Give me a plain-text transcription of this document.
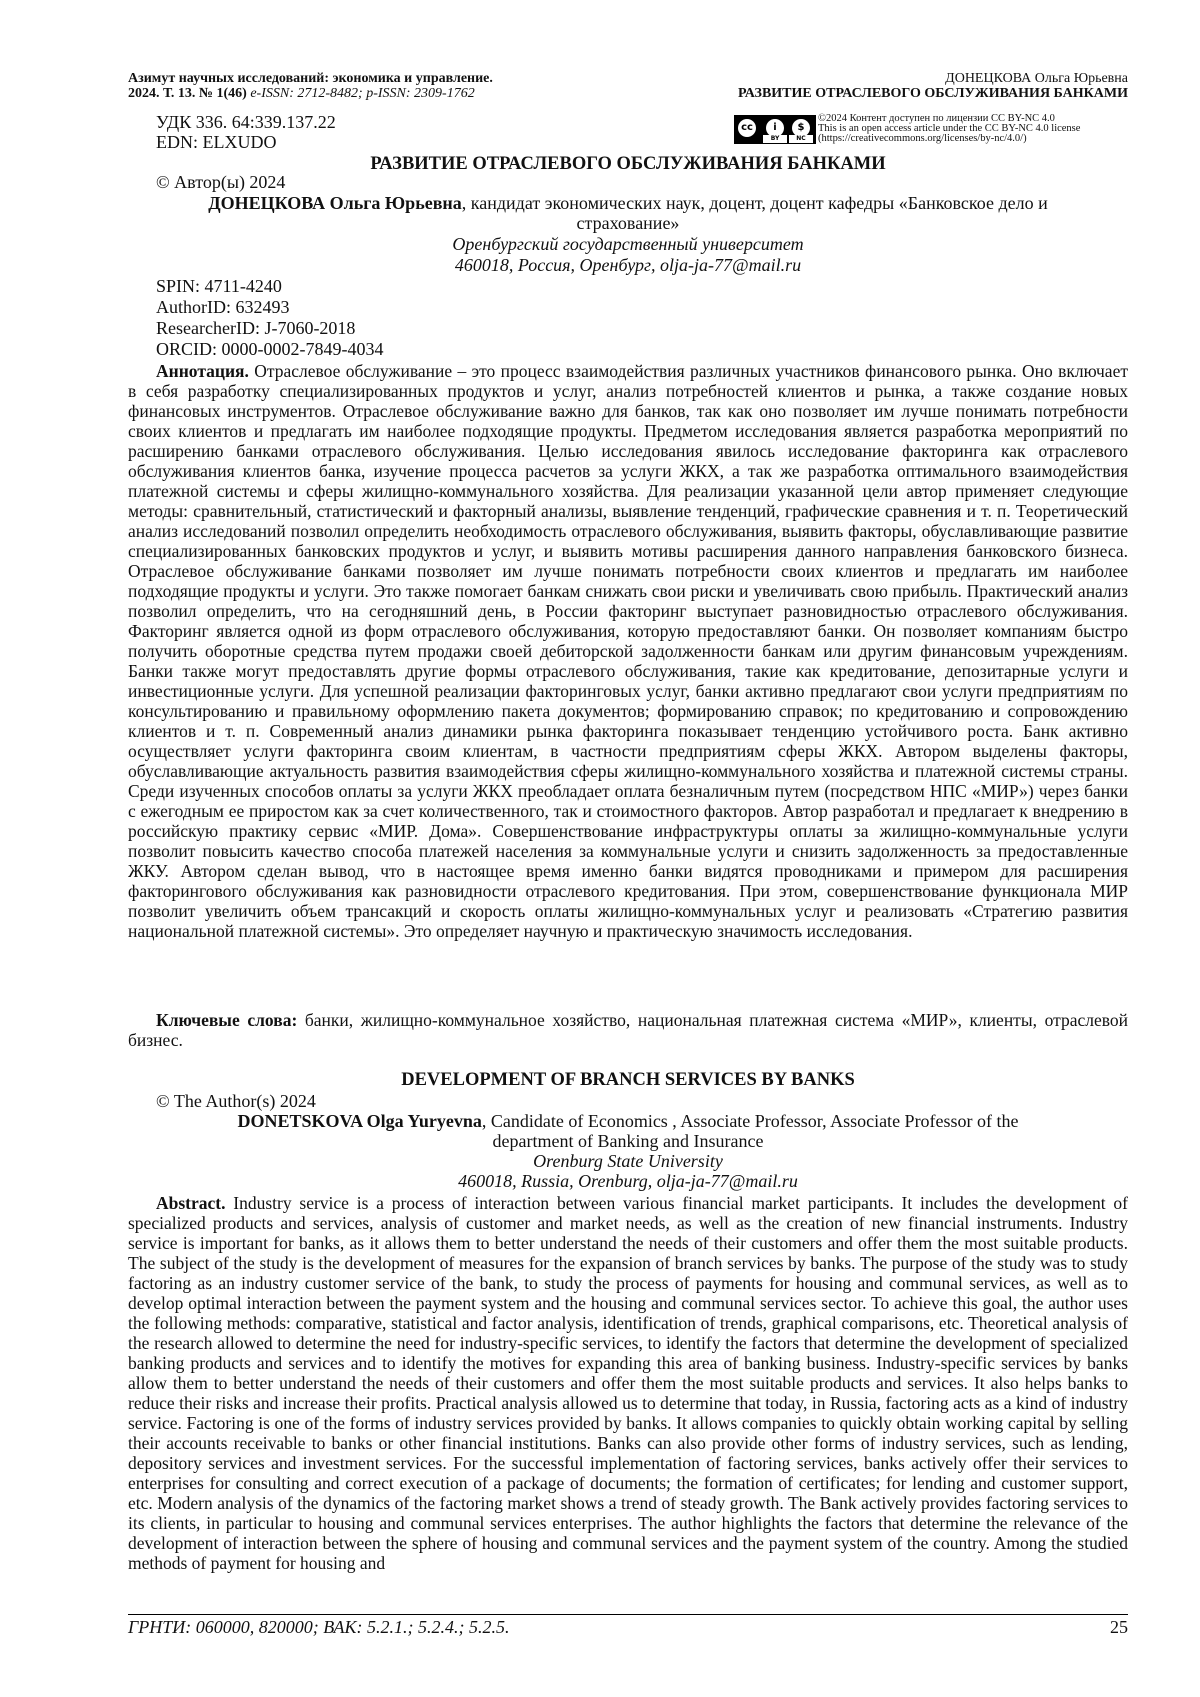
Азимут научных исследований: экономика и управление.
2024. Т. 13. № 1(46) e-ISSN: 2712-8482; p-ISSN: 2309-1762
ДОНЕЦКОВА Ольга Юрьевна
РАЗВИТИЕ ОТРАСЛЕВОГО ОБСЛУЖИВАНИЯ БАНКАМИ
УДК 336. 64:339.137.22
EDN: ELXUDO
cc	i	$
BY	NC
©2024 Контент доступен по лицензии CC BY-NC 4.0
This is an open access article under the CC BY-NC 4.0 license
(https://creativecommons.org/licenses/by-nc/4.0/)
РАЗВИТИЕ ОТРАСЛЕВОГО ОБСЛУЖИВАНИЯ БАНКАМИ
© Автор(ы) 2024
ДОНЕЦКОВА Ольга Юрьевна, кандидат экономических наук, доцент, доцент кафедры «Банковское дело и
страхование»
Оренбургский государственный университет
460018, Россия, Оренбург, olja-ja-77@mail.ru
SPIN: 4711-4240
AuthorID: 632493
ResearcherID: J-7060-2018
ORCID: 0000-0002-7849-4034

Аннотация. Отраслевое обслуживание – это процесс взаимодействия различных участников финансового рынка. Оно включает в себя разработку специализированных продуктов и услуг, анализ потребностей клиентов и рынка, а также создание новых финансовых инструментов. Отраслевое обслуживание важно для банков, так как оно позволяет им лучше понимать потребности своих клиентов и предлагать им наиболее подходящие продукты. Предметом исследования является разработка мероприятий по расширению банками отраслевого обслуживания. Целью исследования явилось исследование факторинга как отраслевого обслуживания клиентов банка, изучение процесса расчетов за услуги ЖКХ, а так же разработка оптимального взаимодействия платежной системы и сферы жилищно-коммунального хозяйства. Для реализации указанной цели автор применяет следующие методы: сравнительный, статистический и факторный анализы, выявление тенденций, графические сравнения и т. п. Теоретический анализ исследований позволил определить необходимость отраслевого обслуживания, выявить факторы, обуславливающие развитие специализированных банковских продуктов и услуг, и выявить мотивы расширения данного направления банковского бизнеса. Отраслевое обслуживание банками позволяет им лучше понимать потребности своих клиентов и предлагать им наиболее подходящие продукты и услуги. Это также помогает банкам снижать свои риски и увеличивать свою прибыль. Практический анализ позволил определить, что на сегодняшний день, в России факторинг выступает разновидностью отраслевого обслуживания. Факторинг является одной из форм отраслевого обслуживания, которую предоставляют банки. Он позволяет компаниям быстро получить оборотные средства путем продажи своей дебиторской задолженности банкам или другим финансовым учреждениям. Банки также могут предоставлять другие формы отраслевого обслуживания, такие как кредитование, депозитарные услуги и инвестиционные услуги. Для успешной реализации факторинговых услуг, банки активно предлагают свои услуги предприятиям по консультированию и правильному оформлению пакета документов; формированию справок; по кредитованию и сопровождению клиентов и т. п. Современный анализ динамики рынка факторинга показывает тенденцию устойчивого роста. Банк активно осуществляет услуги факторинга своим клиентам, в частности предприятиям сферы ЖКХ. Автором выделены факторы, обуславливающие актуальность развития взаимодействия сферы жилищно-коммунального хозяйства и платежной системы страны. Среди изученных способов оплаты за услуги ЖКХ преобладает оплата безналичным путем (посредством НПС «МИР») через банки с ежегодным ее приростом как за счет количественного, так и стоимостного факторов. Автор разработал и предлагает к внедрению в российскую практику сервис «МИР. Дома». Совершенствование инфраструктуры оплаты за жилищно-коммунальные услуги позволит повысить качество способа платежей населения за коммунальные услуги и снизить задолженность за предоставленные ЖКУ. Автором сделан вывод, что в настоящее время именно банки видятся проводниками и примером для расширения факторингового обслуживания как разновидности отраслевого кредитования. При этом, совершенствование функционала МИР позволит увеличить объем трансакций и скорость оплаты жилищно-коммунальных услуг и реализовать «Стратегию развития национальной платежной системы». Это определяет научную и практическую значимость исследования.

Ключевые слова: банки, жилищно-коммунальное хозяйство, национальная платежная система «МИР», клиенты, отраслевой бизнес.

DEVELOPMENT OF BRANCH SERVICES BY BANKS
© The Author(s) 2024
DONETSKOVA Olga Yuryevna, Candidate of Economics , Associate Professor, Associate Professor of the
department of Banking and Insurance
Orenburg State University
460018, Russia, Orenburg, olja-ja-77@mail.ru

Abstract. Industry service is a process of interaction between various financial market participants. It includes the development of specialized products and services, analysis of customer and market needs, as well as the creation of new financial instruments. Industry service is important for banks, as it allows them to better understand the needs of their customers and offer them the most suitable products. The subject of the study is the development of measures for the expansion of branch services by banks. The purpose of the study was to study factoring as an industry customer service of the bank, to study the process of payments for housing and communal services, as well as to develop optimal interaction between the payment system and the housing and communal services sector. To achieve this goal, the author uses the following methods: comparative, statistical and factor analysis, identification of trends, graphical comparisons, etc. Theoretical analysis of the research allowed to determine the need for industry-specific services, to identify the factors that determine the development of specialized banking products and services and to identify the motives for expanding this area of banking business. Industry-specific services by banks allow them to better understand the needs of their customers and offer them the most suitable products and services. It also helps banks to reduce their risks and increase their profits. Practical analysis allowed us to determine that today, in Russia, factoring acts as a kind of industry service. Factoring is one of the forms of industry services provided by banks. It allows companies to quickly obtain working capital by selling their accounts receivable to banks or other financial institutions. Banks can also provide other forms of industry services, such as lending, depository services and investment services. For the successful implementation of factoring services, banks actively offer their services to enterprises for consulting and correct execution of a package of documents; the formation of certificates; for lending and customer support, etc. Modern analysis of the dynamics of the factoring market shows a trend of steady growth. The Bank actively provides factoring services to its clients, in particular to housing and communal services enterprises. The author highlights the factors that determine the relevance of the development of interaction between the sphere of housing and communal services and the payment system of the country. Among the studied methods of payment for housing and

ГРНТИ: 060000, 820000; ВАК: 5.2.1.; 5.2.4.; 5.2.5.	25
